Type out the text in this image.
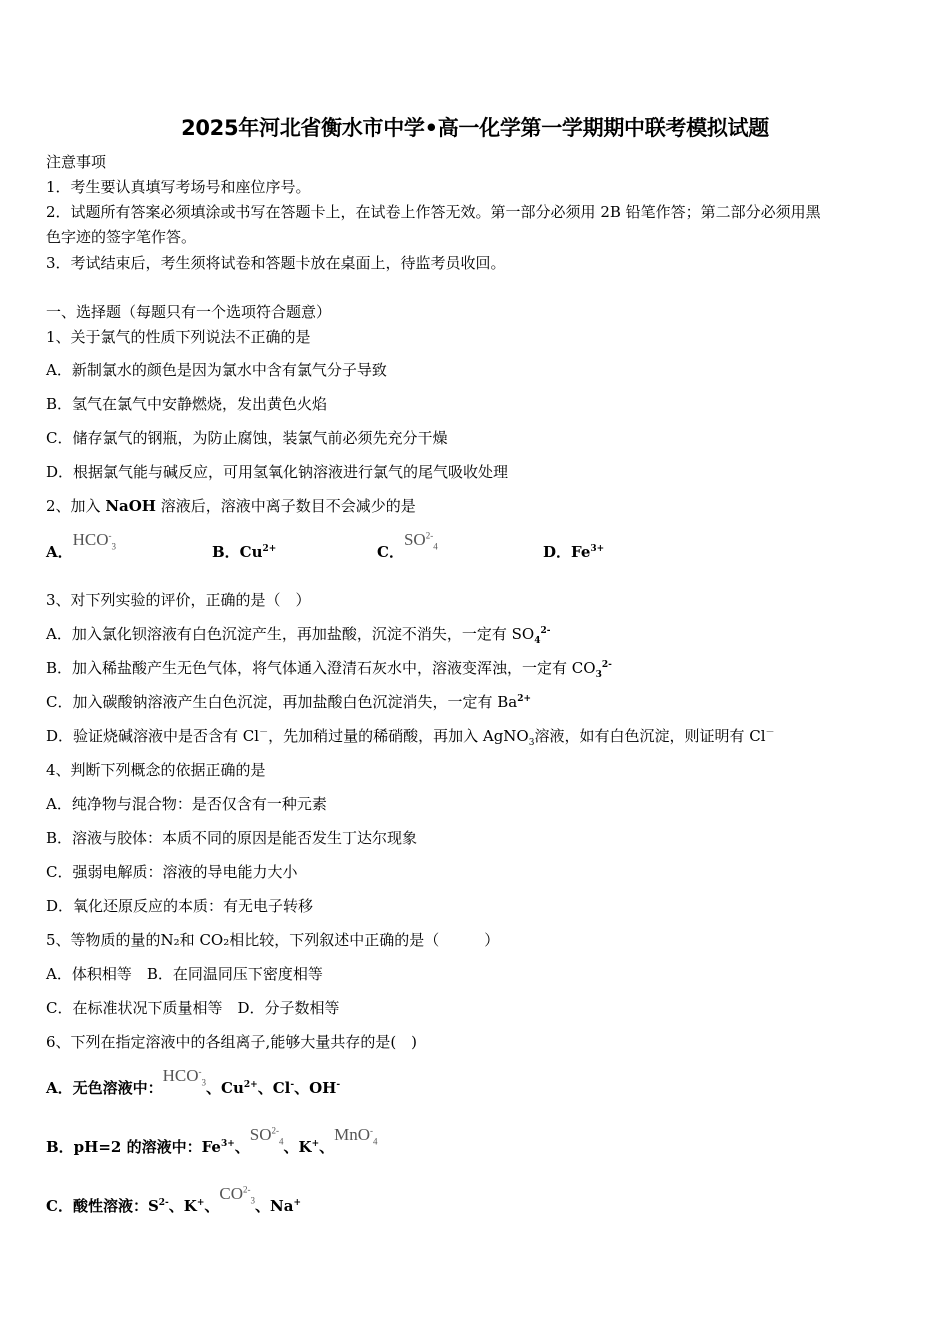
2025年河北省衡水市中学•高一化学第一学期期中联考模拟试题
注意事项
1．考生要认真填写考场号和座位序号。
2．试题所有答案必须填涂或书写在答题卡上，在试卷上作答无效。第一部分必须用 2B 铅笔作答；第二部分必须用黑
色字迹的签字笔作答。
3．考试结束后，考生须将试卷和答题卡放在桌面上，待监考员收回。
一、选择题（每题只有一个选项符合题意）
1、关于氯气的性质下列说法不正确的是
A．新制氯水的颜色是因为氯水中含有氯气分子导致
B．氢气在氯气中安静燃烧，发出黄色火焰
C．储存氯气的钢瓶，为防止腐蚀，装氯气前必须先充分干燥
D．根据氯气能与碱反应，可用氢氧化钠溶液进行氯气的尾气吸收处理
2、加入 NaOH 溶液后，溶液中离子数目不会减少的是
A．$HCO^-_3$	B．$Cu^{2+}$	C．$SO^{2-}_4$	D．$Fe^{3+}$
3、对下列实验的评价，正确的是（　）
A．加入氯化钡溶液有白色沉淀产生，再加盐酸，沉淀不消失，一定有 $SO_4^{2-}$
B．加入稀盐酸产生无色气体，将气体通入澄清石灰水中，溶液变浑浊，一定有 $CO_3^{2-}$
C．加入碳酸钠溶液产生白色沉淀，再加盐酸白色沉淀消失，一定有 $Ba^{2+}$
D．验证烧碱溶液中是否含有 Cl－，先加稍过量的稀硝酸，再加入 AgNO$_3$溶液，如有白色沉淀，则证明有 Cl－
4、判断下列概念的依据正确的是
A．纯净物与混合物：是否仅含有一种元素
B．溶液与胶体：本质不同的原因是能否发生丁达尔现象
C．强弱电解质：溶液的导电能力大小
D．氧化还原反应的本质：有无电子转移
5、等物质的量的N₂和 CO₂相比较，下列叙述中正确的是（　　　）
A．体积相等　B．在同温同压下密度相等
C．在标准状况下质量相等　D．分子数相等
6、下列在指定溶液中的各组离子,能够大量共存的是(　)
A．无色溶液中：$HCO^-_3$、$Cu^{2+}$、Cl-、OH-
B．pH=2 的溶液中：$Fe^{3+}$、$SO^{2-}_4$、K+、MnO-$_4$
C．酸性溶液：$S^{2-}$、K+、$CO^{2-}_3$、Na+
